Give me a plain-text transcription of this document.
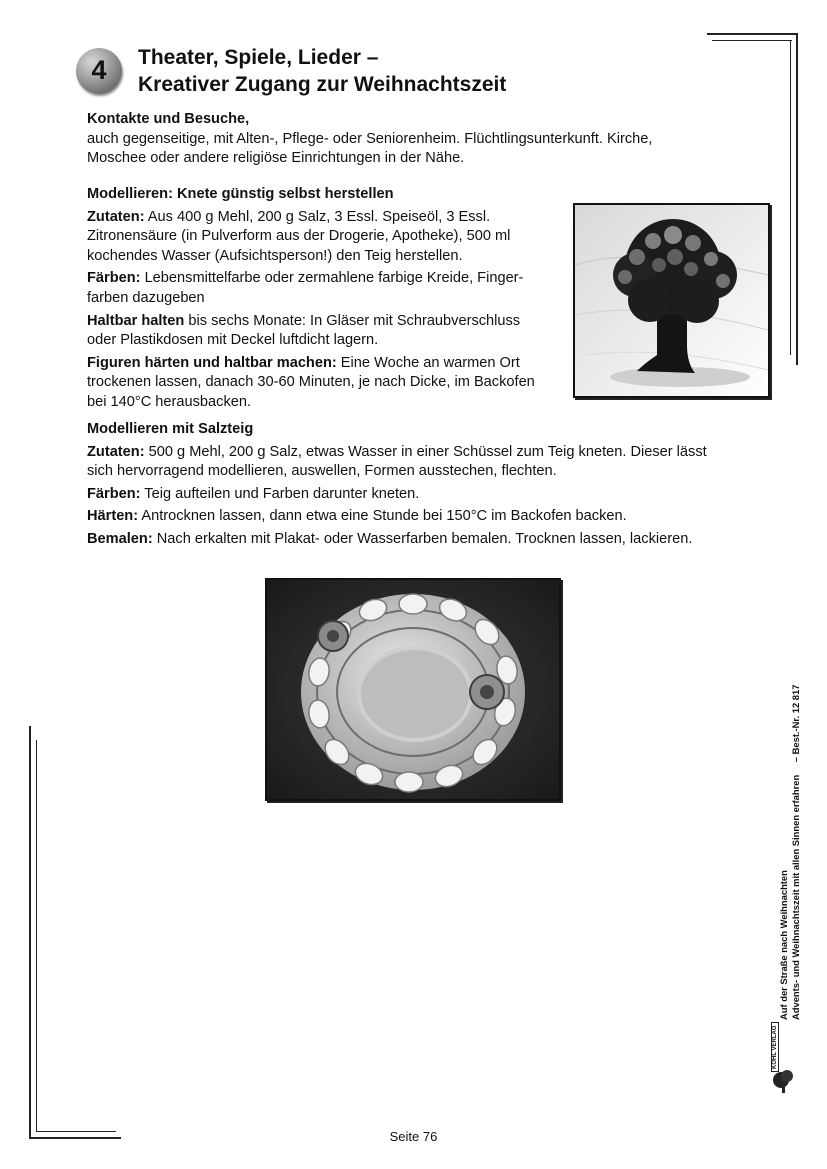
4	Theater, Spiele, Lieder –
Kreativer Zugang zur Weihnachtszeit
Kontakte und Besuche,
auch gegenseitige, mit Alten-, Pflege- oder Seniorenheim. Flüchtlingsunterkunft. Kirche,
Moschee oder andere religiöse Einrichtungen in der Nähe.
Modellieren: Knete günstig selbst herstellen
Zutaten: Aus 400 g Mehl, 200 g Salz, 3 Essl. Speiseöl, 3 Essl.
Zitronensäure (in Pulverform aus der Drogerie, Apotheke), 500 ml
kochendes Wasser (Aufsichtsperson!) den Teig herstellen.
Färben: Lebensmittelfarbe oder zermahlene farbige Kreide, Finger-
farben dazugeben
Haltbar halten bis sechs Monate: In Gläser mit Schraubverschluss
oder Plastikdosen mit Deckel luftdicht lagern.
Figuren härten und haltbar machen: Eine Woche an warmen Ort
trockenen lassen, danach 30-60 Minuten, je nach Dicke, im Backofen
bei 140°C herausbacken.
Modellieren mit Salzteig
Zutaten: 500 g Mehl, 200 g Salz, etwas Wasser in einer Schüssel zum Teig kneten. Dieser lässt
sich hervorragend modellieren, auswellen, Formen ausstechen, flechten.
Färben: Teig aufteilen und Farben darunter kneten.
Härten: Antrocknen lassen, dann etwa eine Stunde bei 150°C im Backofen backen.
Bemalen: Nach erkalten mit Plakat- oder Wasserfarben bemalen. Trocknen lassen, lackieren.
Auf der Straße nach Weihnachten Advents- und Weihnachtszeit mit allen Sinnen erfahren – Best.-Nr. 12 817
KOHL VERLAG
Seite 76
